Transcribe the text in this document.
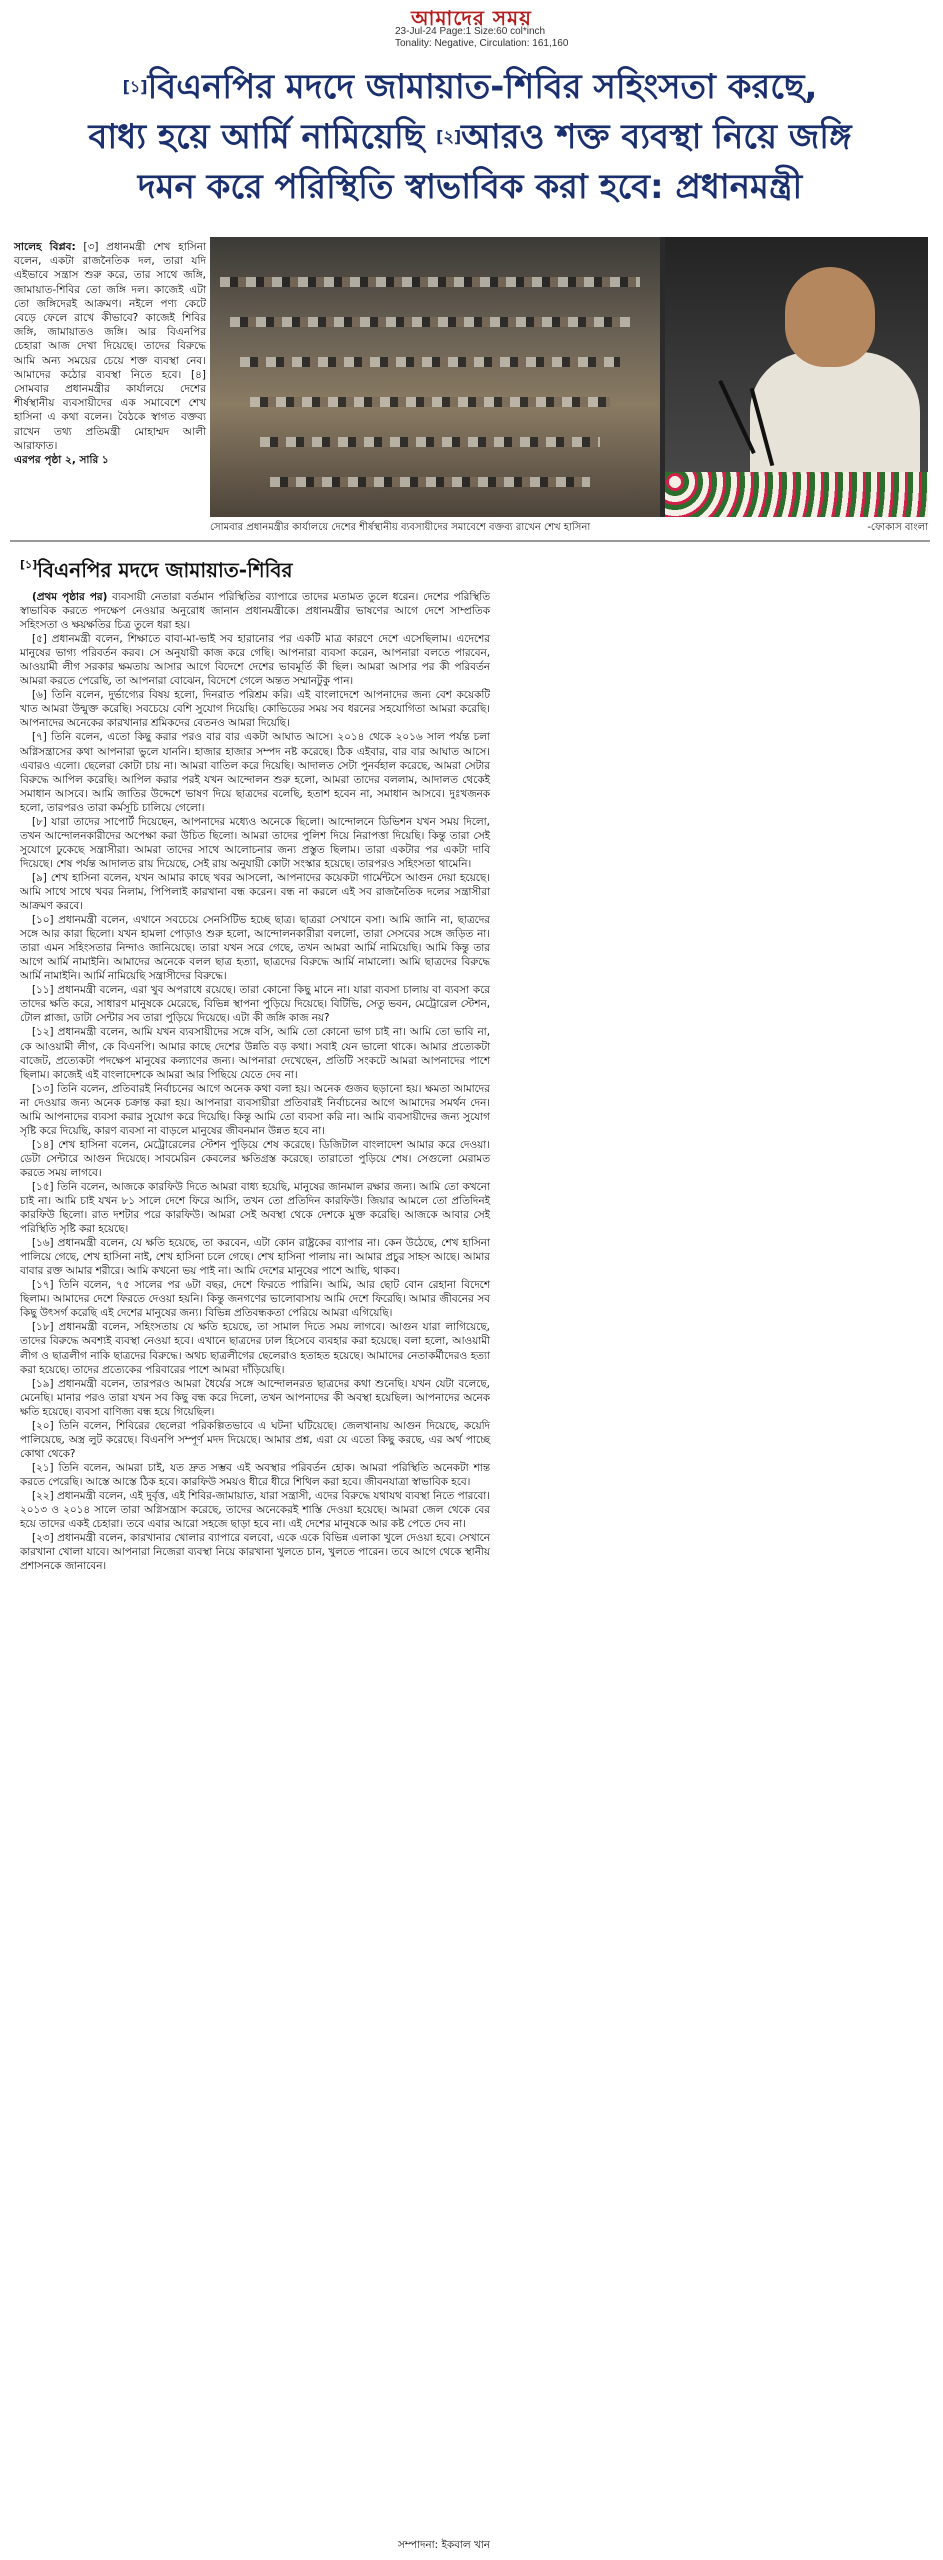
আমাদের সময়
23-Jul-24 Page:1 Size:60 col*inch
Tonality: Negative, Circulation: 161,160
[১]বিএনপির মদদে জামায়াত-শিবির সহিংসতা করছে,
বাধ্য হয়ে আর্মি নামিয়েছি [২]আরও শক্ত ব্যবস্থা নিয়ে জঙ্গি
দমন করে পরিস্থিতি স্বাভাবিক করা হবে: প্রধানমন্ত্রী
সালেহ বিপ্লব: [৩] প্রধানমন্ত্রী শেখ হাসিনা বলেন, একটা রাজনৈতিক দল, তারা যদি এইভাবে সন্ত্রাস শুরু করে, তার সাথে জঙ্গি, জামায়াত-শিবির তো জঙ্গি দল। কাজেই এটা তো জঙ্গিদেরই আক্রমণ। নইলে পণ্য কেটে বেড়ে ফেলে রাখে কীভাবে? কাজেই শিবির জঙ্গি, জামায়াতও জঙ্গি। আর বিএনপির চেহারা আজ দেখা দিয়েছে। তাদের বিরুদ্ধে আমি অন্য সময়ের চেয়ে শক্ত ব্যবস্থা নেব। আমাদের কঠোর ব্যবস্থা নিতে হবে। [৪] সোমবার প্রধানমন্ত্রীর কার্যালয়ে দেশের শীর্ষস্থানীয় ব্যবসায়ীদের এক সমাবেশে শেখ হাসিনা এ কথা বলেন। বৈঠকে স্বাগত বক্তব্য রাখেন তথ্য প্রতিমন্ত্রী মোহাম্মদ আলী আরাফাত।
এরপর পৃষ্ঠা ২, সারি ১
সোমবার প্রধানমন্ত্রীর কার্যালয়ে দেশের শীর্ষস্থানীয় ব্যবসায়ীদের সমাবেশে বক্তব্য রাখেন শেখ হাসিনা	-ফোকাস বাংলা
[১]বিএনপির মদদে জামায়াত-শিবির

(প্রথম পৃষ্ঠার পর) ব্যবসায়ী নেতারা বর্তমান পরিস্থিতির ব্যাপারে তাদের মতামত তুলে ধরেন। দেশের পরিস্থিতি স্বাভাবিক করতে পদক্ষেপ নেওয়ার অনুরোধ জানান প্রধানমন্ত্রীকে। প্রধানমন্ত্রীর ভাষণের আগে দেশে সাম্প্রতিক সহিংসতা ও ক্ষয়ক্ষতির চিত্র তুলে ধরা হয়।

[৫] প্রধানমন্ত্রী বলেন, শিক্ষাতে বাবা-মা-ভাই সব হারানোর পর একটি মাত্র কারণে দেশে এসেছিলাম। এদেশের মানুষের ভাগ্য পরিবর্তন করব। সে অনুযায়ী কাজ করে গেছি। আপনারা ব্যবসা করেন, আপনারা বলতে পারবেন, আওয়ামী লীগ সরকার ক্ষমতায় আসার আগে বিদেশে দেশের ভাবমূর্তি কী ছিল। আমরা আসার পর কী পরিবর্তন আমরা করতে পেরেছি, তা আপনারা বোঝেন, বিদেশে গেলে অন্তত সম্মানটুকু পান।

[৬] তিনি বলেন, দুর্ভাগ্যের বিষয় হলো, দিনরাত পরিশ্রম করি। এই বাংলাদেশে আপনাদের জন্য বেশ কয়েকটি খাত আমরা উন্মুক্ত করেছি। সবচেয়ে বেশি সুযোগ দিয়েছি। কোভিডের সময় সব ধরনের সহযোগিতা আমরা করেছি। আপনাদের অনেকের কারখানার শ্রমিকদের বেতনও আমরা দিয়েছি।

[৭] তিনি বলেন, এতো কিছু করার পরও বার বার একটা আঘাত আসে। ২০১৪ থেকে ২০১৬ সাল পর্যন্ত চলা অগ্নিসন্ত্রাসের কথা আপনারা ভুলে যাননি। হাজার হাজার সম্পদ নষ্ট করেছে। ঠিক এইবার, বার বার আঘাত আসে। এবারও এলো। ছেলেরা কোটা চায় না। আমরা বাতিল করে দিয়েছি। আদালত সেটা পুনর্বহাল করেছে, আমরা সেটার বিরুদ্ধে আপিল করেছি। আপিল করার পরই যখন আন্দোলন শুরু হলো, আমরা তাদের বললাম, আদালত থেকেই সমাধান আসবে। আমি জাতির উদ্দেশে ভাষণ দিয়ে ছাত্রদের বলেছি, হতাশ হবেন না, সমাধান আসবে। দুঃখজনক হলো, তারপরও তারা কর্মসূচি চালিয়ে গেলো।

[৮] যারা তাদের সাপোর্ট দিয়েছেন, আপনাদের মধ্যেও অনেকে ছিলো। আন্দোলনে ডিভিশন যখন সময় দিলো, তখন আন্দোলনকারীদের অপেক্ষা করা উচিত ছিলো। আমরা তাদের পুলিশ দিয়ে নিরাপত্তা দিয়েছি। কিন্তু তারা সেই সুযোগে ঢুকেছে সন্ত্রাসীরা। আমরা তাদের সাথে আলোচনার জন্য প্রস্তুত ছিলাম। তারা একটার পর একটা দাবি দিয়েছে। শেষ পর্যন্ত আদালত রায় দিয়েছে, সেই রায় অনুযায়ী কোটা সংস্কার হয়েছে। তারপরও সহিংসতা থামেনি।

[৯] শেখ হাসিনা বলেন, যখন আমার কাছে খবর আসলো, আপনাদের কয়েকটা গার্মেন্টসে আগুন দেয়া হয়েছে। আমি সাথে সাথে খবর নিলাম, পিপিলাই কারখানা বন্ধ করেন। বন্ধ না করলে এই সব রাজনৈতিক দলের সন্ত্রাসীরা আক্রমণ করবে।

[১০] প্রধানমন্ত্রী বলেন, এখানে সবচেয়ে সেনসিটিভ হচ্ছে ছাত্র। ছাত্ররা সেখানে বসা। আমি জানি না, ছাত্রদের সঙ্গে আর কারা ছিলো। যখন হামলা পোড়াও শুরু হলো, আন্দোলনকারীরা বললো, তারা সেসবের সঙ্গে জড়িত না। তারা এমন সহিংসতার নিন্দাও জানিয়েছে। তারা যখন সরে গেছে, তখন আমরা আর্মি নামিয়েছি। আমি কিন্তু তার আগে আর্মি নামাইনি। আমাদের অনেকে বলল ছাত্র হত্যা, ছাত্রদের বিরুদ্ধে আর্মি নামালো। আমি ছাত্রদের বিরুদ্ধে আর্মি নামাইনি। আর্মি নামিয়েছি সন্ত্রাসীদের বিরুদ্ধে।

[১১] প্রধানমন্ত্রী বলেন, এরা খুব অপরাধে রয়েছে। তারা কোনো কিছু মানে না। যারা ব্যবসা চালায় বা ব্যবসা করে তাদের ক্ষতি করে, সাধারণ মানুষকে মেরেছে, বিভিন্ন স্থাপনা পুড়িয়ে দিয়েছে। বিটিভি, সেতু ভবন, মেট্রোরেল স্টেশন, টোল প্লাজা, ডাটা সেন্টার সব তারা পুড়িয়ে দিয়েছে। এটা কী জঙ্গি কাজ নয়?

[১২] প্রধানমন্ত্রী বলেন, আমি যখন ব্যবসায়ীদের সঙ্গে বসি, আমি তো কোনো ভাগ চাই না। আমি তো ভাবি না, কে আওয়ামী লীগ, কে বিএনপি। আমার কাছে দেশের উন্নতি বড় কথা। সবাই যেন ভালো থাকে। আমার প্রত্যেকটা বাজেট, প্রত্যেকটা পদক্ষেপ মানুষের কল্যাণের জন্য। আপনারা দেখেছেন, প্রতিটি সংকটে আমরা আপনাদের পাশে ছিলাম। কাজেই এই বাংলাদেশকে আমরা আর পিছিয়ে যেতে দেব না।

[১৩] তিনি বলেন, প্রতিবারই নির্বাচনের আগে অনেক কথা বলা হয়। অনেক গুজব ছড়ানো হয়। ক্ষমতা আমাদের না দেওয়ার জন্য অনেক চক্রান্ত করা হয়। আপনারা ব্যবসায়ীরা প্রতিবারই নির্বাচনের আগে আমাদের সমর্থন দেন। আমি আপনাদের ব্যবসা করার সুযোগ করে দিয়েছি। কিন্তু আমি তো ব্যবসা করি না। আমি ব্যবসায়ীদের জন্য সুযোগ সৃষ্টি করে দিয়েছি, কারণ ব্যবসা না বাড়লে মানুষের জীবনমান উন্নত হবে না।

[১৪] শেখ হাসিনা বলেন, মেট্রোরেলের স্টেশন পুড়িয়ে শেষ করেছে। ডিজিটাল বাংলাদেশ আমার করে দেওয়া। ডেটা সেন্টারে আগুন দিয়েছে। সাবমেরিন কেবলের ক্ষতিগ্রস্ত করেছে। তারাতো পুড়িয়ে শেষ। সেগুলো মেরামত করতে সময় লাগবে।

[১৫] তিনি বলেন, আজকে কারফিউ দিতে আমরা বাধ্য হয়েছি, মানুষের জানমাল রক্ষার জন্য। আমি তো কখনো চাই না। আমি চাই যখন ৮১ সালে দেশে ফিরে আসি, তখন তো প্রতিদিন কারফিউ। জিয়ার আমলে তো প্রতিদিনই কারফিউ ছিলো। রাত দশটার পরে কারফিউ। আমরা সেই অবস্থা থেকে দেশকে মুক্ত করেছি। আজকে আবার সেই পরিস্থিতি সৃষ্টি করা হয়েছে।

[১৬] প্রধানমন্ত্রী বলেন, যে ক্ষতি হয়েছে, তা করবেন, এটা কোন রাষ্ট্রকের ব্যাপার না। কেন উঠেছে, শেখ হাসিনা পালিয়ে গেছে, শেখ হাসিনা নাই, শেখ হাসিনা চলে গেছে। শেখ হাসিনা পালায় না। আমার প্রচুর সাহস আছে। আমার বাবার রক্ত আমার শরীরে। আমি কখনো ভয় পাই না। আমি দেশের মানুষের পাশে আছি, থাকব।

[১৭] তিনি বলেন, ৭৫ সালের পর ৬টা বছর, দেশে ফিরতে পারিনি। আমি, আর ছোট বোন রেহানা বিদেশে ছিলাম। আমাদের দেশে ফিরতে দেওয়া হয়নি। কিন্তু জনগণের ভালোবাসায় আমি দেশে ফিরেছি। আমার জীবনের সব কিছু উৎসর্গ করেছি এই দেশের মানুষের জন্য। বিভিন্ন প্রতিবন্ধকতা পেরিয়ে আমরা এগিয়েছি।

[১৮] প্রধানমন্ত্রী বলেন, সহিংসতায় যে ক্ষতি হয়েছে, তা সামাল দিতে সময় লাগবে। আগুন যারা লাগিয়েছে, তাদের বিরুদ্ধে অবশ্যই ব্যবস্থা নেওয়া হবে। এখানে ছাত্রদের ঢাল হিসেবে ব্যবহার করা হয়েছে। বলা হলো, আওয়ামী লীগ ও ছাত্রলীগ নাকি ছাত্রদের বিরুদ্ধে। অথচ ছাত্রলীগের ছেলেরাও হতাহত হয়েছে। আমাদের নেতাকর্মীদেরও হত্যা করা হয়েছে। তাদের প্রত্যেকের পরিবারের পাশে আমরা দাঁড়িয়েছি।

[১৯] প্রধানমন্ত্রী বলেন, তারপরও আমরা ধৈর্যের সঙ্গে আন্দোলনরত ছাত্রদের কথা শুনেছি। যখন যেটা বলেছে, মেনেছি। মানার পরও তারা যখন সব কিছু বন্ধ করে দিলো, তখন আপনাদের কী অবস্থা হয়েছিল। আপনাদের অনেক ক্ষতি হয়েছে। ব্যবসা বাণিজ্য বন্ধ হয়ে গিয়েছিল।

[২০] তিনি বলেন, শিবিরের ছেলেরা পরিকল্পিতভাবে এ ঘটনা ঘটিয়েছে। জেলখানায় আগুন দিয়েছে, কয়েদি পালিয়েছে, অস্ত্র লুট করেছে। বিএনপি সম্পূর্ণ মদদ দিয়েছে। আমার প্রশ্ন, এরা যে এতো কিছু করছে, এর অর্থ পাচ্ছে কোথা থেকে?

[২১] তিনি বলেন, আমরা চাই, যত দ্রুত সম্ভব এই অবস্থার পরিবর্তন হোক। আমরা পরিস্থিতি অনেকটা শান্ত করতে পেরেছি। আস্তে আস্তে ঠিক হবে। কারফিউ সময়ও ধীরে ধীরে শিথিল করা হবে। জীবনযাত্রা স্বাভাবিক হবে।

[২২] প্রধানমন্ত্রী বলেন, এই দুর্বৃত্ত, এই শিবির-জামায়াত, যারা সন্ত্রাসী, এদের বিরুদ্ধে যথাযথ ব্যবস্থা নিতে পারবো। ২০১৩ ও ২০১৪ সালে তারা অগ্নিসন্ত্রাস করেছে, তাদের অনেকেরই শাস্তি দেওয়া হয়েছে। আমরা জেল থেকে বের হয়ে তাদের একই চেহারা। তবে এবার আরো সহজে ছাড়া হবে না। এই দেশের মানুষকে আর কষ্ট পেতে দেব না।

[২৩] প্রধানমন্ত্রী বলেন, কারখানার খোলার ব্যাপারে বলবো, একে একে বিভিন্ন এলাকা খুলে দেওয়া হবে। সেখানে কারখানা খোলা যাবে। আপনারা নিজেরা ব্যবস্থা নিয়ে কারখানা খুলতে চান, খুলতে পারেন। তবে আগে থেকে স্থানীয় প্রশাসনকে জানাবেন।

সম্পাদনা: ইকবাল খান
